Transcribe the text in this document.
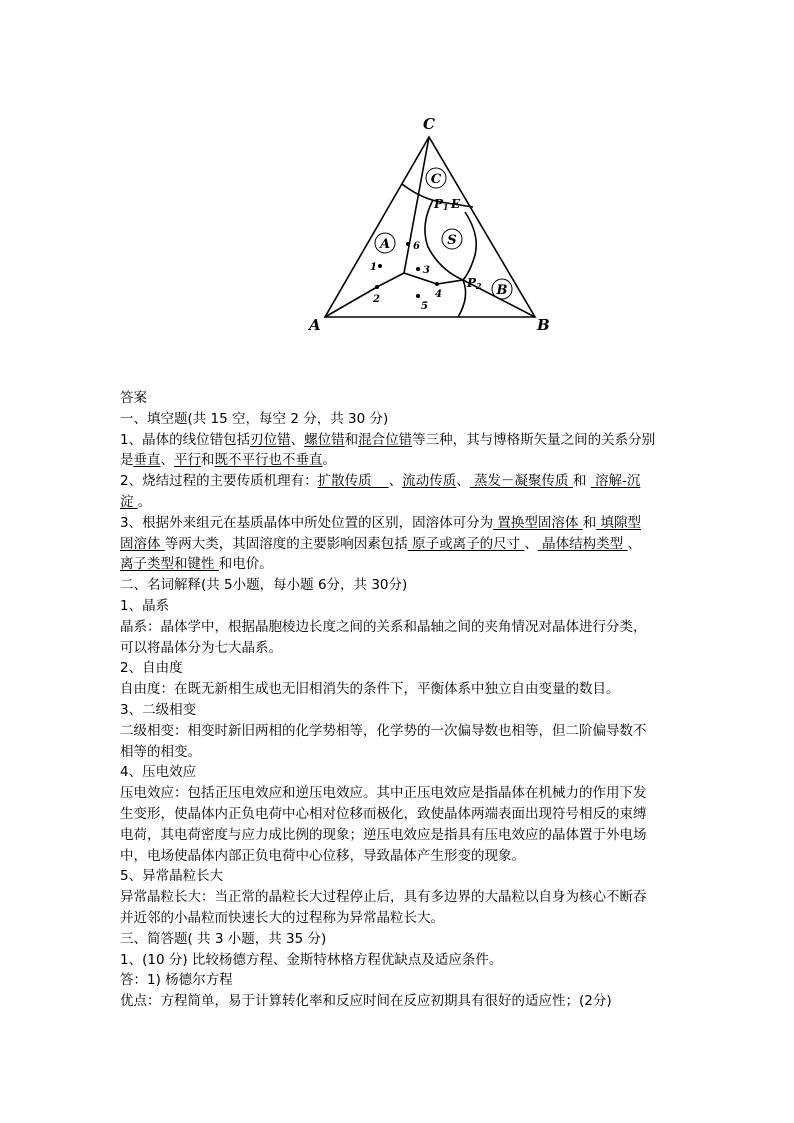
A	B
C
C
S
A
B
P1 E
P2
1
2
3
4
5
6
答案
一、填空题(共 15 空，每空 2 分，共 30 分)
1、晶体的线位错包括刃位错、螺位错和混合位错等三种，其与博格斯矢量之间的关系分别
是垂直、平行和既不平行也不垂直。
2、烧结过程的主要传质机理有：扩散传质    、流动传质、 蒸发－凝聚传质 和  溶解-沉
淀 。
3、根据外来组元在基质晶体中所处位置的区别，固溶体可分为 置换型固溶体 和 填隙型
固溶体 等两大类，其固溶度的主要影响因素包括 原子或离子的尺寸 、 晶体结构类型 、
离子类型和键性 和电价。
二、名词解释(共 5小题，每小题 6分，共 30分)
1、晶系
晶系：晶体学中，根据晶胞棱边长度之间的关系和晶轴之间的夹角情况对晶体进行分类，
可以将晶体分为七大晶系。
2、自由度
自由度：在既无新相生成也无旧相消失的条件下，平衡体系中独立自由变量的数目。
3、二级相变
二级相变：相变时新旧两相的化学势相等，化学势的一次偏导数也相等，但二阶偏导数不
相等的相变。
4、压电效应
压电效应：包括正压电效应和逆压电效应。其中正压电效应是指晶体在机械力的作用下发
生变形，使晶体内正负电荷中心相对位移而极化，致使晶体两端表面出现符号相反的束缚
电荷，其电荷密度与应力成比例的现象；逆压电效应是指具有压电效应的晶体置于外电场
中，电场使晶体内部正负电荷中心位移，导致晶体产生形变的现象。
5、异常晶粒长大
异常晶粒长大：当正常的晶粒长大过程停止后，具有多边界的大晶粒以自身为核心不断吞
并近邻的小晶粒而快速长大的过程称为异常晶粒长大。
三、简答题( 共 3 小题，共 35 分)
1、(10 分) 比较杨德方程、金斯特林格方程优缺点及适应条件。
答：1) 杨德尔方程
优点：方程简单，易于计算转化率和反应时间在反应初期具有很好的适应性；(2分)
